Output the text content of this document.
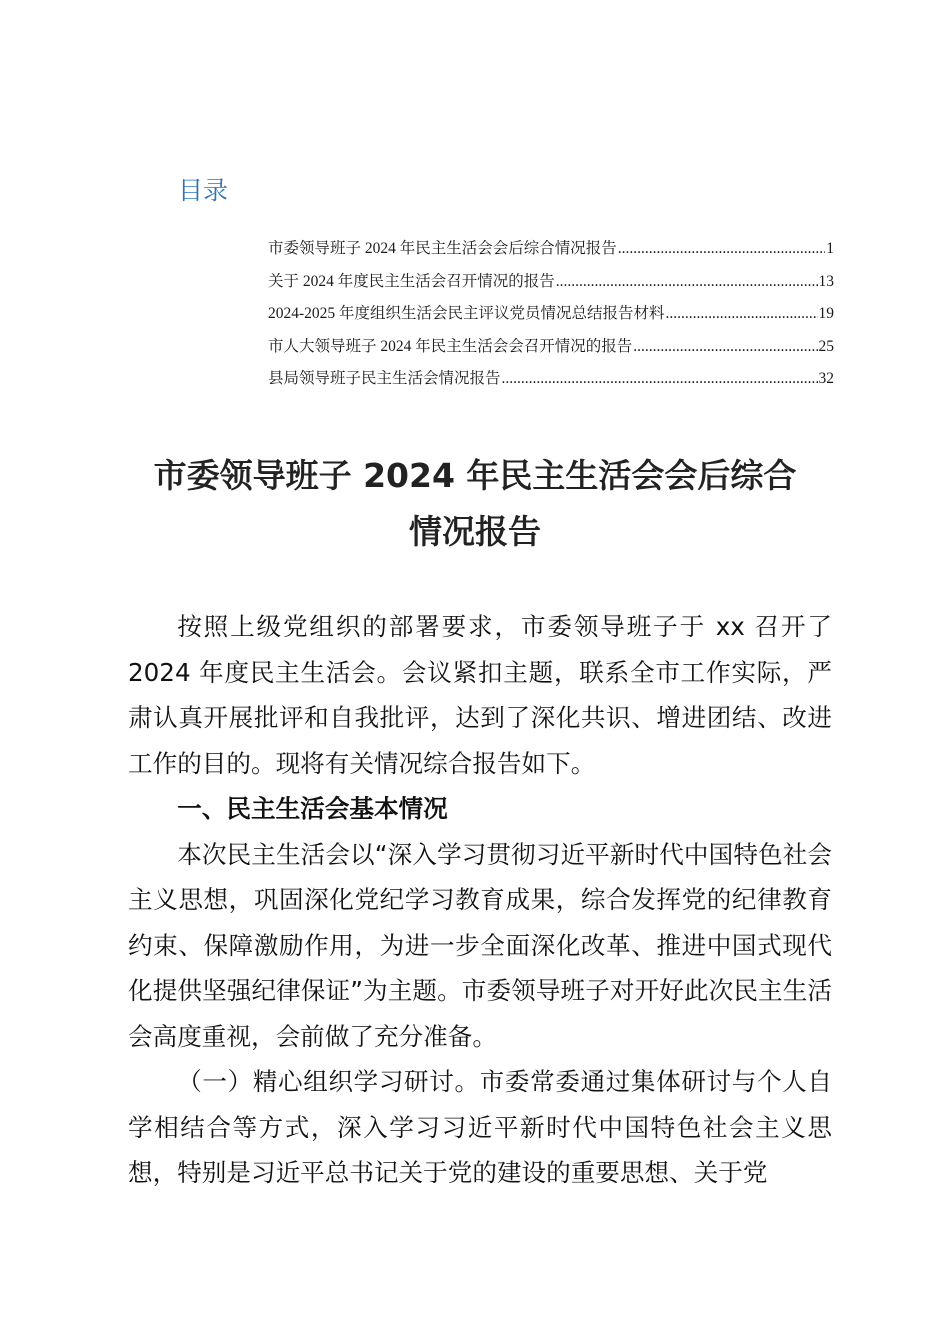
目录
市委领导班子 2024 年民主生活会会后综合情况报告 .....	1
关于 2024 年度民主生活会召开情况的报告 .....	13
2024-2025 年度组织生活会民主评议党员情况总结报告材料 .....	19
市人大领导班子 2024 年民主生活会会召开情况的报告 .....	25
县局领导班子民主生活会情况报告 .....	32
市委领导班子 2024 年民主生活会会后综合
情况报告

按照上级党组织的部署要求，市委领导班子于 xx 召开了 2024 年度民主生活会。会议紧扣主题，联系全市工作实际，严肃认真开展批评和自我批评，达到了深化共识、增进团结、改进工作的目的。现将有关情况综合报告如下。

一、民主生活会基本情况

本次民主生活会以“深入学习贯彻习近平新时代中国特色社会主义思想，巩固深化党纪学习教育成果，综合发挥党的纪律教育约束、保障激励作用，为进一步全面深化改革、推进中国式现代化提供坚强纪律保证”为主题。市委领导班子对开好此次民主生活会高度重视，会前做了充分准备。

（一）精心组织学习研讨。市委常委通过集体研讨与个人自学相结合等方式，深入学习习近平新时代中国特色社会主义思想，特别是习近平总书记关于党的建设的重要思想、关于党
